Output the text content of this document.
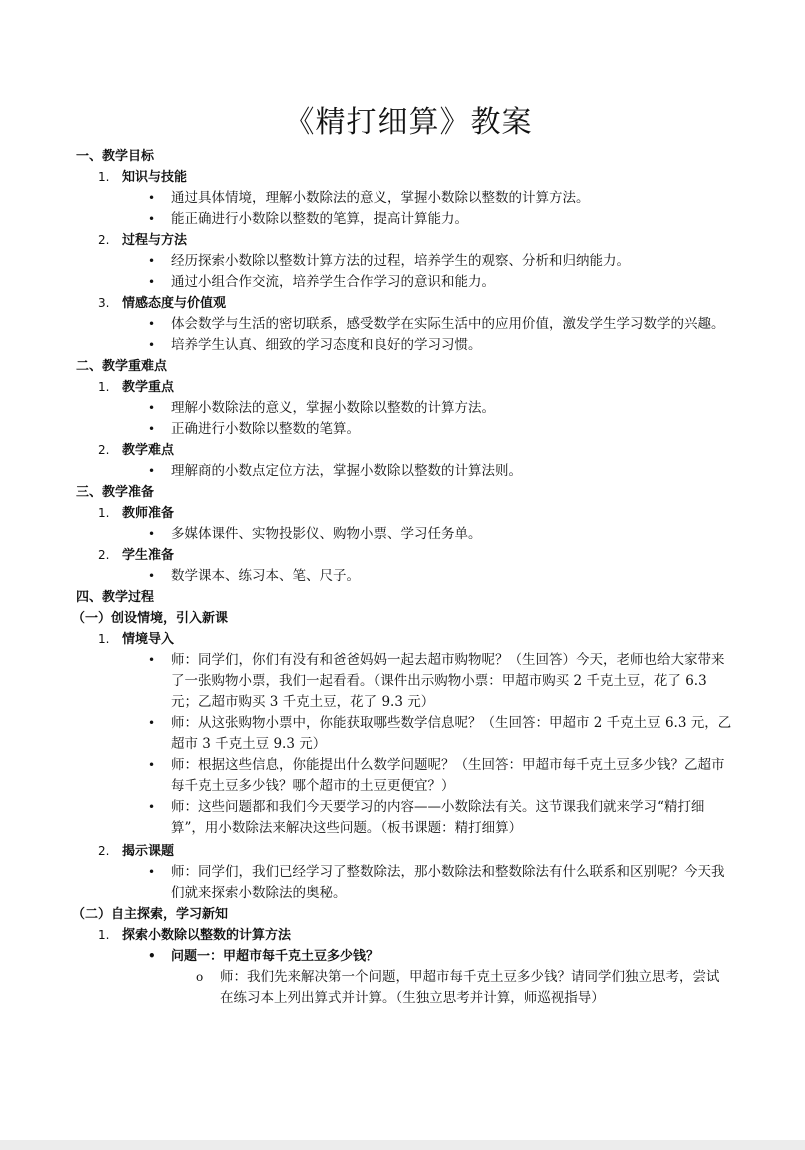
《精打细算》教案
一、教学目标
1. 知识与技能
• 通过具体情境，理解小数除法的意义，掌握小数除以整数的计算方法。
• 能正确进行小数除以整数的笔算，提高计算能力。
2. 过程与方法
• 经历探索小数除以整数计算方法的过程，培养学生的观察、分析和归纳能力。
• 通过小组合作交流，培养学生合作学习的意识和能力。
3. 情感态度与价值观
• 体会数学与生活的密切联系，感受数学在实际生活中的应用价值，激发学生学习数学的兴趣。
• 培养学生认真、细致的学习态度和良好的学习习惯。
二、教学重难点
1. 教学重点
• 理解小数除法的意义，掌握小数除以整数的计算方法。
• 正确进行小数除以整数的笔算。
2. 教学难点
• 理解商的小数点定位方法，掌握小数除以整数的计算法则。
三、教学准备
1. 教师准备
• 多媒体课件、实物投影仪、购物小票、学习任务单。
2. 学生准备
• 数学课本、练习本、笔、尺子。
四、教学过程
（一）创设情境，引入新课
1. 情境导入
• 师：同学们，你们有没有和爸爸妈妈一起去超市购物呢？（生回答）今天，老师也给大家带来了一张购物小票，我们一起看看。（课件出示购物小票：甲超市购买 2 千克土豆，花了 6.3 元；乙超市购买 3 千克土豆，花了 9.3 元）
• 师：从这张购物小票中，你能获取哪些数学信息呢？（生回答：甲超市 2 千克土豆 6.3 元，乙超市 3 千克土豆 9.3 元）
• 师：根据这些信息，你能提出什么数学问题呢？（生回答：甲超市每千克土豆多少钱？乙超市每千克土豆多少钱？哪个超市的土豆更便宜？）
• 师：这些问题都和我们今天要学习的内容——小数除法有关。这节课我们就来学习“精打细算”，用小数除法来解决这些问题。（板书课题：精打细算）
2. 揭示课题
• 师：同学们，我们已经学习了整数除法，那小数除法和整数除法有什么联系和区别呢？今天我们就来探索小数除法的奥秘。
（二）自主探索，学习新知
1. 探索小数除以整数的计算方法
• 问题一：甲超市每千克土豆多少钱？
o 师：我们先来解决第一个问题，甲超市每千克土豆多少钱？请同学们独立思考，尝试在练习本上列出算式并计算。（生独立思考并计算，师巡视指导）
